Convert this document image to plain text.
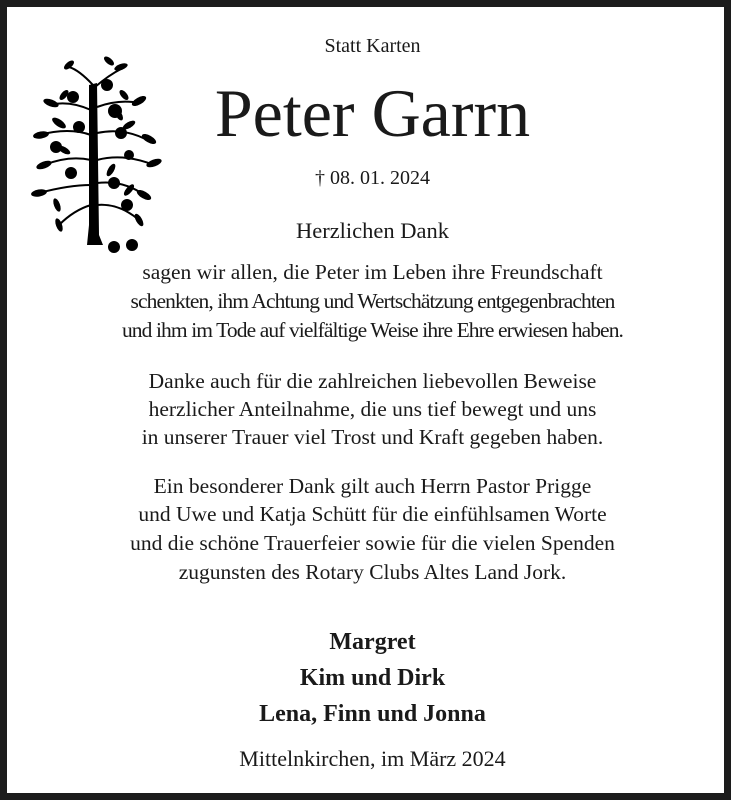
Statt Karten
Peter Garrn
† 08. 01. 2024
Herzlichen Dank
sagen wir allen, die Peter im Leben ihre Freundschaft
schenkten, ihm Achtung und Wertschätzung entgegenbrachten
und ihm im Tode auf vielfältige Weise ihre Ehre erwiesen haben.
Danke auch für die zahlreichen liebevollen Beweise
herzlicher Anteilnahme, die uns tief bewegt und uns
in unserer Trauer viel Trost und Kraft gegeben haben.
Ein besonderer Dank gilt auch Herrn Pastor Prigge
und Uwe und Katja Schütt für die einfühlsamen Worte
und die schöne Trauerfeier sowie für die vielen Spenden
zugunsten des Rotary Clubs Altes Land Jork.
Margret
Kim und Dirk
Lena, Finn und Jonna
Mittelnkirchen, im März 2024
